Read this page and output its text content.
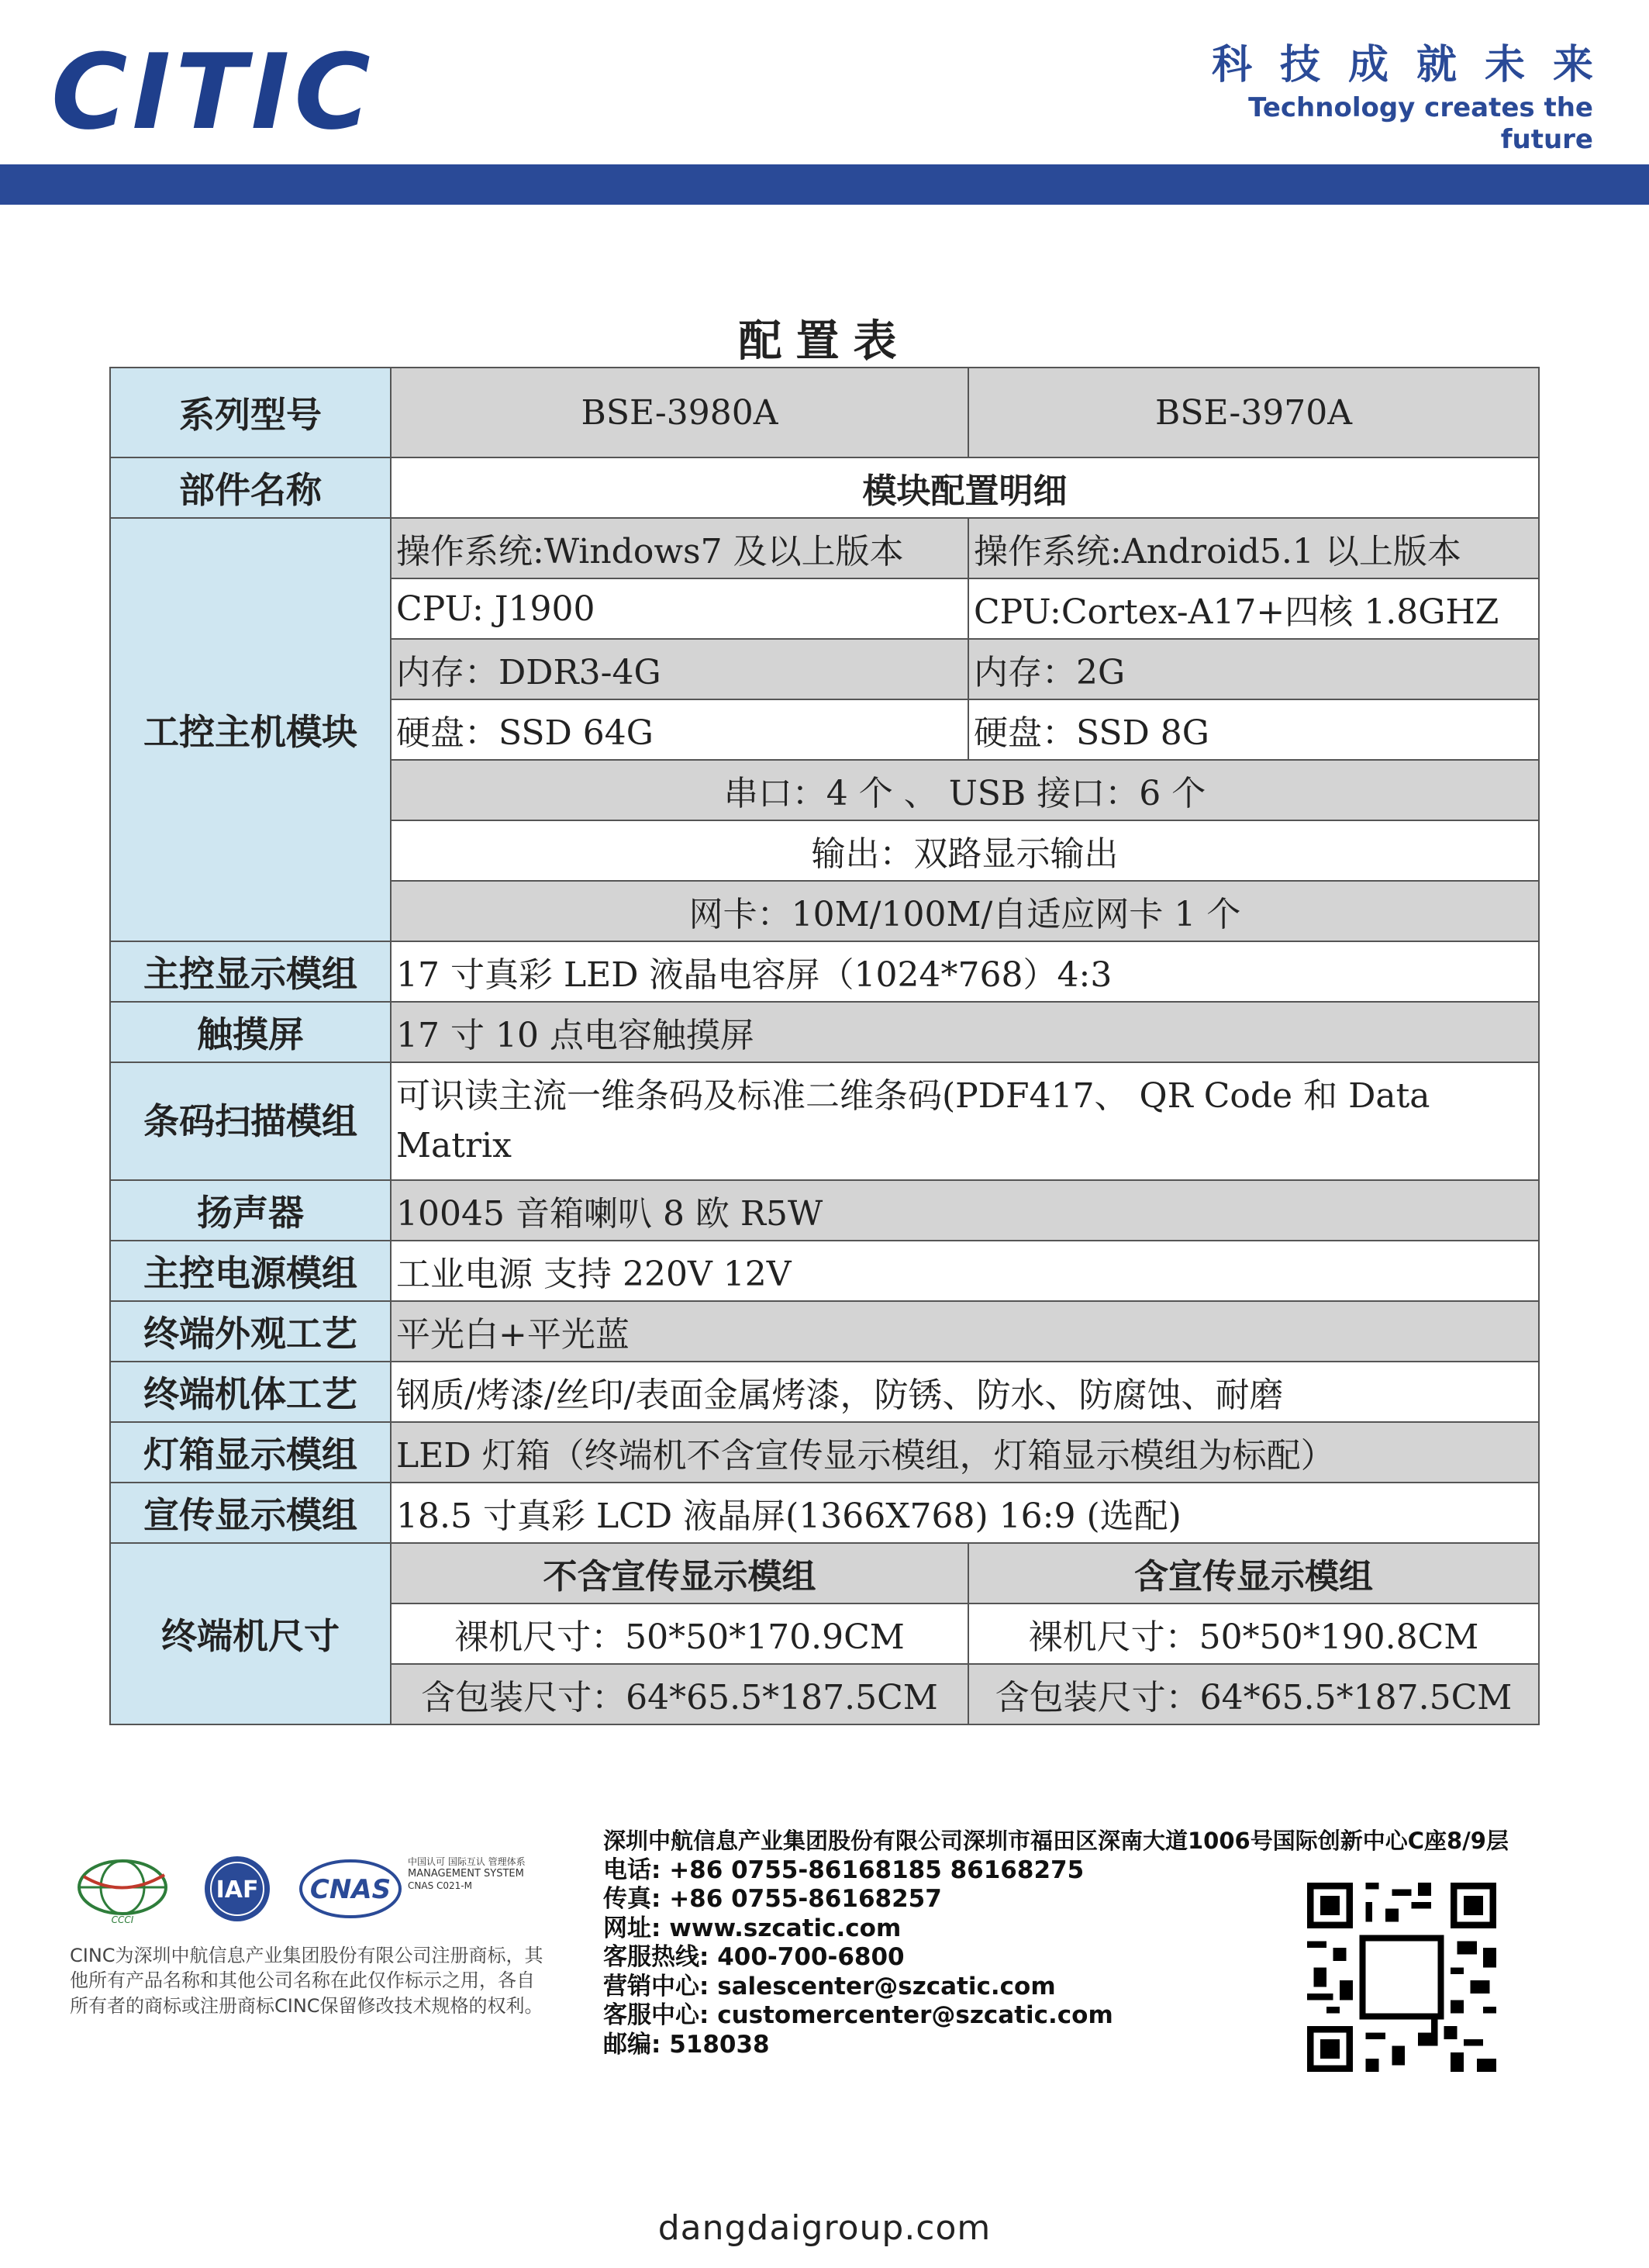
CITIC	科技成就未来
Technology creates the future
配置表
系列型号	BSE-3980A	BSE-3970A
部件名称	模块配置明细	
工控主机模块	操作系统:Windows7 及以上版本	操作系统:Android5.1 以上版本
	CPU: J1900	CPU:Cortex-A17+四核 1.8GHZ
	内存：DDR3-4G	内存：2G
	硬盘：SSD 64G	硬盘：SSD 8G
	串口：4 个 、 USB 接口：6 个	
	输出：双路显示输出	
	网卡：10M/100M/自适应网卡 1 个	
主控显示模组	17 寸真彩 LED 液晶电容屏（1024*768）4:3	
触摸屏	17 寸 10 点电容触摸屏	
条码扫描模组	可识读主流一维条码及标准二维条码(PDF417、 QR Code 和 Data Matrix	
扬声器	10045 音箱喇叭 8 欧 R5W	
主控电源模组	工业电源 支持 220V 12V	
终端外观工艺	平光白+平光蓝	
终端机体工艺	钢质/烤漆/丝印/表面金属烤漆，防锈、防水、防腐蚀、耐磨	
灯箱显示模组	LED 灯箱（终端机不含宣传显示模组，灯箱显示模组为标配）	
宣传显示模组	18.5 寸真彩 LCD 液晶屏(1366X768) 16:9 (选配)	
终端机尺寸	不含宣传显示模组	含宣传显示模组
	裸机尺寸：50*50*170.9CM	裸机尺寸：50*50*190.8CM
	含包装尺寸：64*65.5*187.5CM	含包装尺寸：64*65.5*187.5CM
CCCI
IAF CNAS
中国认可 国际互认 管理体系
MANAGEMENT SYSTEM
CNAS C021-M
CINC为深圳中航信息产业集团股份有限公司注册商标，其他所有产品名称和其他公司名称在此仅作标示之用，各自所有者的商标或注册商标CINC保留修改技术规格的权利。
深圳中航信息产业集团股份有限公司深圳市福田区深南大道1006号国际创新中心C座8/9层
电话: +86 0755-86168185 86168275
传真: +86 0755-86168257
网址: www.szcatic.com
客服热线: 400-700-6800
营销中心: salescenter@szcatic.com
客服中心: customercenter@szcatic.com
邮编: 518038
dangdaigroup.com
